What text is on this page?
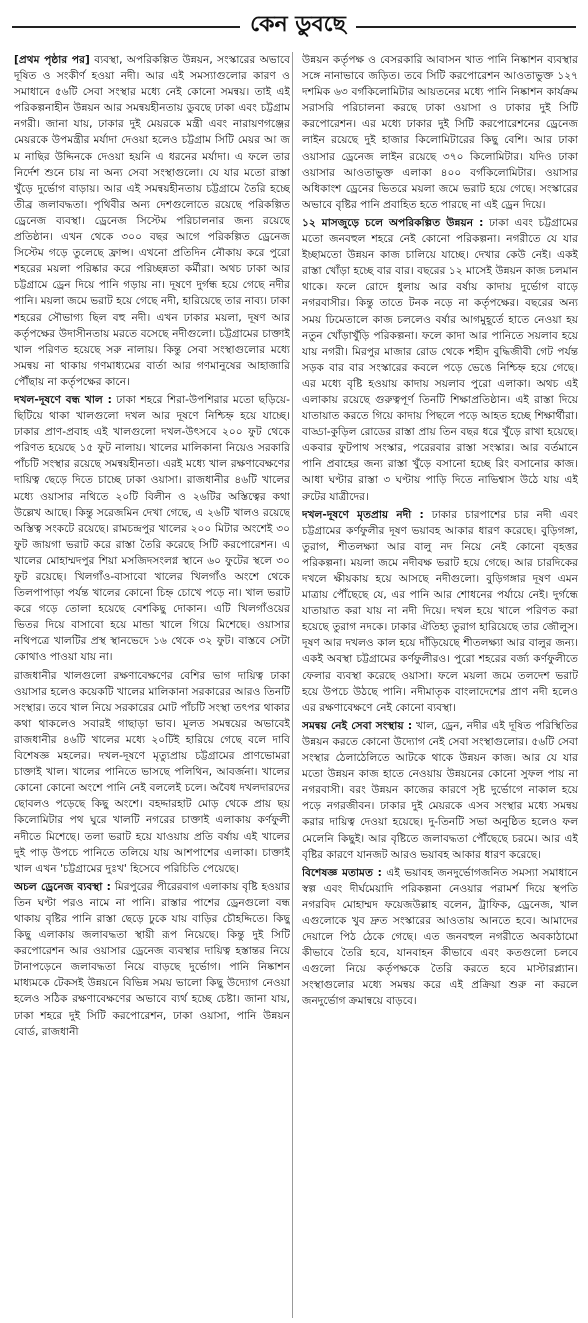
কেন ডুবছে

[প্রথম পৃষ্ঠার পর] ব্যবস্থা, অপরিকল্পিত উন্নয়ন, সংস্কারের অভাবে দূষিত ও সংকীর্ণ হওয়া নদী। আর এই সমস্যাগুলোর কারণ ও সমাধানে ৫৬টি সেবা সংস্থার মধ্যে নেই কোনো সমন্বয়। তাই এই পরিকল্পনাহীন উন্নয়ন আর সমন্বয়হীনতায় ডুবছে ঢাকা এবং চট্টগ্রাম নগরী। জানা যায়, ঢাকার দুই মেয়রকে মন্ত্রী এবং নারায়ণগঞ্জের মেয়রকে উপমন্ত্রীর মর্যাদা দেওয়া হলেও চট্টগ্রাম সিটি মেয়র আ জ ম নাছির উদ্দিনকে দেওয়া হয়নি এ ধরনের মর্যাদা। এ ফলে তার নির্দেশ শুনে চায় না অন্য সেবা সংস্থাগুলো। যে যার মতো রাস্তা খুঁড়ে দুর্ভোগ বাড়ায়। আর এই সমন্বয়হীনতায় চট্টগ্রামে তৈরি হচ্ছে তীব্র জলাবদ্ধতা। পৃথিবীর অন্য দেশগুলোতে রয়েছে পরিকল্পিত ড্রেনেজ ব্যবস্থা। ড্রেনেজ সিস্টেম পরিচালনার জন্য রয়েছে প্রতিষ্ঠান। এখন থেকে ৩০০ বছর আগে পরিকল্পিত ড্রেনেজ সিস্টেম গড়ে তুলেছে ফ্রান্স। এখনো প্রতিদিন নৌকায় করে পুরো শহরের ময়লা পরিষ্কার করে পরিচ্ছন্নতা কর্মীরা। অথচ ঢাকা আর চট্টগ্রামে ড্রেন দিয়ে পানি গড়ায় না। দূষণে দুর্গন্ধ হয়ে গেছে নদীর পানি। ময়লা জমে ভরাট হয়ে গেছে নদী, হারিয়েছে তার নাব্য। ঢাকা শহরের সৌভাগ্য ছিল বহু নদী। এখন ঢাকার ময়লা, দূষণ আর কর্তৃপক্ষের উদাসীনতায় মরতে বসেছে নদীগুলো। চট্টগ্রামের চাক্তাই খাল পরিণত হয়েছে সরু নালায়। কিন্তু সেবা সংস্থাগুলোর মধ্যে সমন্বয় না থাকায় গণমাধ্যমের বার্তা আর গণমানুষের আহাজারি পৌঁছায় না কর্তৃপক্ষের কানে।

দখল-দূষণে বন্ধ খাল : ঢাকা শহরে শিরা-উপশিরার মতো ছড়িয়ে-ছিটিয়ে থাকা খালগুলো দখল আর দূষণে নিশ্চিহ্ন হয়ে যাচ্ছে। ঢাকার প্রাণ-প্রবাহ এই খালগুলো দখল-উৎসবে ২০০ ফুট থেকে পরিণত হয়েছে ১৫ ফুট নালায়। খালের মালিকানা নিয়েও সরকারি পাঁচটি সংস্থার রয়েছে সমন্বয়হীনতা। এরই মধ্যে খাল রক্ষণাবেক্ষণের দায়িত্ব ছেড়ে দিতে চাচ্ছে ঢাকা ওয়াসা। রাজধানীর ৪৬টি খালের মধ্যে ওয়াসার নথিতে ২০টি বিলীন ও ২৬টির অস্তিত্বের কথা উল্লেখ আছে। কিন্তু সরেজমিন দেখা গেছে, এ ২৬টি খালও রয়েছে অস্তিত্ব সংকটে রয়েছে। রামচন্দ্রপুর খালের ২০০ মিটার অংশেই ৩০ ফুট জায়গা ভরাট করে রাস্তা তৈরি করেছে সিটি করপোরেশন। এ খালের মোহাম্মদপুর শিয়া মসজিদসংলগ্ন স্থানে ৬০ ফুটের স্থলে ৩০ ফুট রয়েছে। খিলগাঁও-বাসাবো খালের খিলগাঁও অংশে থেকে তিলপাপাড়া পর্যন্ত খালের কোনো চিহ্ন চোখে পড়ে না। খাল ভরাট করে গড়ে তোলা হয়েছে বেশকিছু দোকান। এটি খিলগাঁওয়ের ভিতর দিয়ে বাসাবো হয়ে মান্ডা খালে গিয়ে মিশেছে। ওয়াসার নথিপত্রে খালটির প্রস্থ স্থানভেদে ১৬ থেকে ৩২ ফুট। বাস্তবে সেটা কোথাও পাওয়া যায় না।

রাজধানীর খালগুলো রক্ষণাবেক্ষণের বেশির ভাগ দায়িত্ব ঢাকা ওয়াসার হলেও কয়েকটি খালের মালিকানা সরকারের আরও তিনটি সংস্থার। তবে খাল নিয়ে সরকারের মোট পাঁচটি সংস্থা তৎপর থাকার কথা থাকলেও সবারই গাছাড়া ভাব। মূলত সমন্বয়ের অভাবেই রাজধানীর ৪৬টি খালের মধ্যে ২০টিই হারিয়ে গেছে বলে দাবি বিশেষজ্ঞ মহলের। দখল-দূষণে মৃত্যুপ্রায় চট্টগ্রামের প্রাণভোমরা চাক্তাই খাল। খালের পানিতে ভাসছে পলিথিন, আবর্জনা। খালের কোনো কোনো অংশে পানি নেই বললেই চলে। অবৈধ দখলদারদের ছোবলও পড়েছে কিছু অংশে। বহদ্দারহাট মোড় থেকে প্রায় ছয় কিলোমিটার পথ ঘুরে খালটি নগরের চাক্তাই এলাকায় কর্ণফুলী নদীতে মিশেছে। তলা ভরাট হয়ে যাওয়ায় প্রতি বর্ষায় এই খালের দুই পাড় উপচে পানিতে তলিয়ে যায় আশপাশের এলাকা। চাক্তাই খাল এখন 'চট্টগ্রামের দুঃখ' হিসেবে পরিচিতি পেয়েছে।

অচল ড্রেনেজ ব্যবস্থা : মিরপুরের পীরেরবাগ এলাকায় বৃষ্টি হওয়ার তিন ঘণ্টা পরও নামে না পানি। রাস্তার পাশের ড্রেনগুলো বন্ধ থাকায় বৃষ্টির পানি রাস্তা ছেড়ে ঢুকে যায় বাড়ির চৌহদ্দিতে। কিছু কিছু এলাকায় জলাবদ্ধতা স্থায়ী রূপ নিয়েছে। কিন্তু দুই সিটি করপোরেশন আর ওয়াসার ড্রেনেজ ব্যবস্থার দায়িত্ব হস্তান্তর নিয়ে টানাপড়েনে জলাবদ্ধতা নিয়ে বাড়ছে দুর্ভোগ। পানি নিষ্কাশন মাধ্যমকে টেকসই উন্নয়নে বিভিন্ন সময় ভালো কিছু উদ্যোগ নেওয়া হলেও সঠিক রক্ষণাবেক্ষণের অভাবে ব্যর্থ হচ্ছে চেষ্টা। জানা যায়, ঢাকা শহরে দুই সিটি করপোরেশন, ঢাকা ওয়াসা, পানি উন্নয়ন বোর্ড, রাজধানী

উন্নয়ন কর্তৃপক্ষ ও বেসরকারি আবাসন খাত পানি নিষ্কাশন ব্যবস্থার সঙ্গে নানাভাবে জড়িত। তবে সিটি করপোরেশন আওতাভুক্ত ১২৭ দশমিক ৬৩ বর্গকিলোমিটার আয়তনের মধ্যে পানি নিষ্কাশন কার্যক্রম সরাসরি পরিচালনা করছে ঢাকা ওয়াসা ও ঢাকার দুই সিটি করপোরেশন। এর মধ্যে ঢাকার দুই সিটি করপোরেশনের ড্রেনেজ লাইন রয়েছে দুই হাজার কিলোমিটারের কিছু বেশি। আর ঢাকা ওয়াসার ড্রেনেজ লাইন রয়েছে ৩৭০ কিলোমিটার। যদিও ঢাকা ওয়াসার আওতাভুক্ত এলাকা ৪০০ বর্গকিলোমিটার। ওয়াসার অধিকাংশ ড্রেনের ভিতরে ময়লা জমে ভরাট হয়ে গেছে। সংস্কারের অভাবে বৃষ্টির পানি প্রবাহিত হতে পারছে না এই ড্রেন দিয়ে।

১২ মাসজুড়ে চলে অপরিকল্পিত উন্নয়ন : ঢাকা এবং চট্টগ্রামের মতো জনবহুল শহরে নেই কোনো পরিকল্পনা। নগরীতে যে যার ইচ্ছামতো উন্নয়ন কাজ চালিয়ে যাচ্ছে। দেখার কেউ নেই। একই রাস্তা খোঁড়া হচ্ছে বার বার। বছরের ১২ মাসেই উন্নয়ন কাজ চলমান থাকে। ফলে রোদে ধুলায় আর বর্ষায় কাদায় দুর্ভোগ বাড়ে নগরবাসীর। কিন্তু তাতে টনক নড়ে না কর্তৃপক্ষের। বছরের অন্য সময় ঢিমেতালে কাজ চললেও বর্ষার আগমুহূর্তে হাতে নেওয়া হয় নতুন খোঁড়াখুঁড়ি পরিকল্পনা। ফলে কাদা আর পানিতে সয়লাব হয়ে যায় নগরী। মিরপুর মাজার রোড থেকে শহীদ বুদ্ধিজীবী গেট পর্যন্ত সড়ক বার বার সংস্কারের কবলে পড়ে ভেঙে নিশ্চিহ্ন হয়ে গেছে। এর মধ্যে বৃষ্টি হওয়ায় কাদায় সয়লাব পুরো এলাকা। অথচ এই এলাকায় রয়েছে গুরুত্বপূর্ণ তিনটি শিক্ষাপ্রতিষ্ঠান। এই রাস্তা দিয়ে যাতায়াত করতে গিয়ে কাদায় পিছলে পড়ে আহত হচ্ছে শিক্ষার্থীরা। বাড্ডা-কুড়িল রোডের রাস্তা প্রায় তিন বছর ধরে খুঁড়ে রাখা হয়েছে। একবার ফুটপাথ সংস্কার, পরেরবার রাস্তা সংস্কার। আর বর্তমানে পানি প্রবাহের জন্য রাস্তা খুঁড়ে বসানো হচ্ছে রিং বসানোর কাজ। আধা ঘণ্টার রাস্তা ৩ ঘণ্টায় পাড়ি দিতে নাভিশ্বাস উঠে যায় এই রুটের যাত্রীদের।

দখল-দূষণে মৃতপ্রায় নদী : ঢাকার চারপাশের চার নদী এবং চট্টগ্রামের কর্ণফুলীর দূষণ ভয়াবহ আকার ধারণ করেছে। বুড়িগঙ্গা, তুরাগ, শীতলক্ষ্যা আর বালু নদ নিয়ে নেই কোনো বৃহত্তর পরিকল্পনা। ময়লা জমে নদীবক্ষ ভরাট হয়ে গেছে। আর চারদিকের দখলে ক্ষীয়কায় হয়ে আসছে নদীগুলো। বুড়িগঙ্গার দূষণ এমন মাত্রায় পৌঁছেছে যে, এর পানি আর শোধনের পর্যায়ে নেই। দুর্গন্ধে যাতায়াত করা যায় না নদী দিয়ে। দখল হয়ে খালে পরিণত করা হয়েছে তুরাগ নদকে। ঢাকার ঐতিহ্য তুরাগ হারিয়েছে তার জৌলুস। দূষণ আর দখলও কাল হয়ে দাঁড়িয়েছে শীতলক্ষ্যা আর বালুর জন্য। একই অবস্থা চট্টগ্রামের কর্ণফুলীরও। পুরো শহরের বর্জ্য কর্ণফুলীতে ফেলার ব্যবস্থা করেছে ওয়াসা। ফলে ময়লা জমে তলদেশ ভরাট হয়ে উপচে উঠছে পানি। নদীমাতৃক বাংলাদেশের প্রাণ নদী হলেও এর রক্ষণাবেক্ষণে নেই কোনো ব্যবস্থা।

সমন্বয় নেই সেবা সংস্থায় : খাল, ড্রেন, নদীর এই দূষিত পরিস্থিতির উন্নয়ন করতে কোনো উদ্যোগ নেই সেবা সংস্থাগুলোর। ৫৬টি সেবা সংস্থার ঠেলাঠেলিতে আটকে থাকে উন্নয়ন কাজ। আর যে যার মতো উন্নয়ন কাজ হাতে নেওয়ায় উন্নয়নের কোনো সুফল পায় না নগরবাসী। বরং উন্নয়ন কাজের কারণে সৃষ্ট দুর্ভোগে নাকাল হয়ে পড়ে নগরজীবন। ঢাকার দুই মেয়রকে এসব সংস্থার মধ্যে সমন্বয় করার দায়িত্ব দেওয়া হয়েছে। দু-তিনটি সভা অনুষ্ঠিত হলেও ফল মেলেনি কিছুই। আর বৃষ্টিতে জলাবদ্ধতা পৌঁছেছে চরমে। আর এই বৃষ্টির কারণে যানজট আরও ভয়াবহ আকার ধারণ করেছে।

বিশেষজ্ঞ মতামত : এই ভয়াবহ জনদুর্ভোগজনিত সমস্যা সমাধানে স্বল্প এবং দীর্ঘমেয়াদি পরিকল্পনা নেওয়ার পরামর্শ দিয়ে স্থপতি নগরবিদ মোহাম্মদ ফয়েজউল্লাহ বলেন, ট্রাফিক, ড্রেনেজ, খাল এগুলোকে খুব দ্রুত সংস্কারের আওতায় আনতে হবে। আমাদের দেয়ালে পিঠ ঠেকে গেছে। এত জনবহুল নগরীতে অবকাঠামো কীভাবে তৈরি হবে, যানবাহন কীভাবে এবং কতগুলো চলবে এগুলো নিয়ে কর্তৃপক্ষকে তৈরি করতে হবে মাস্টারপ্ল্যান। সংস্থাগুলোর মধ্যে সমন্বয় করে এই প্রক্রিয়া শুরু না করলে জনদুর্ভোগ ক্রমান্বয়ে বাড়বে।
